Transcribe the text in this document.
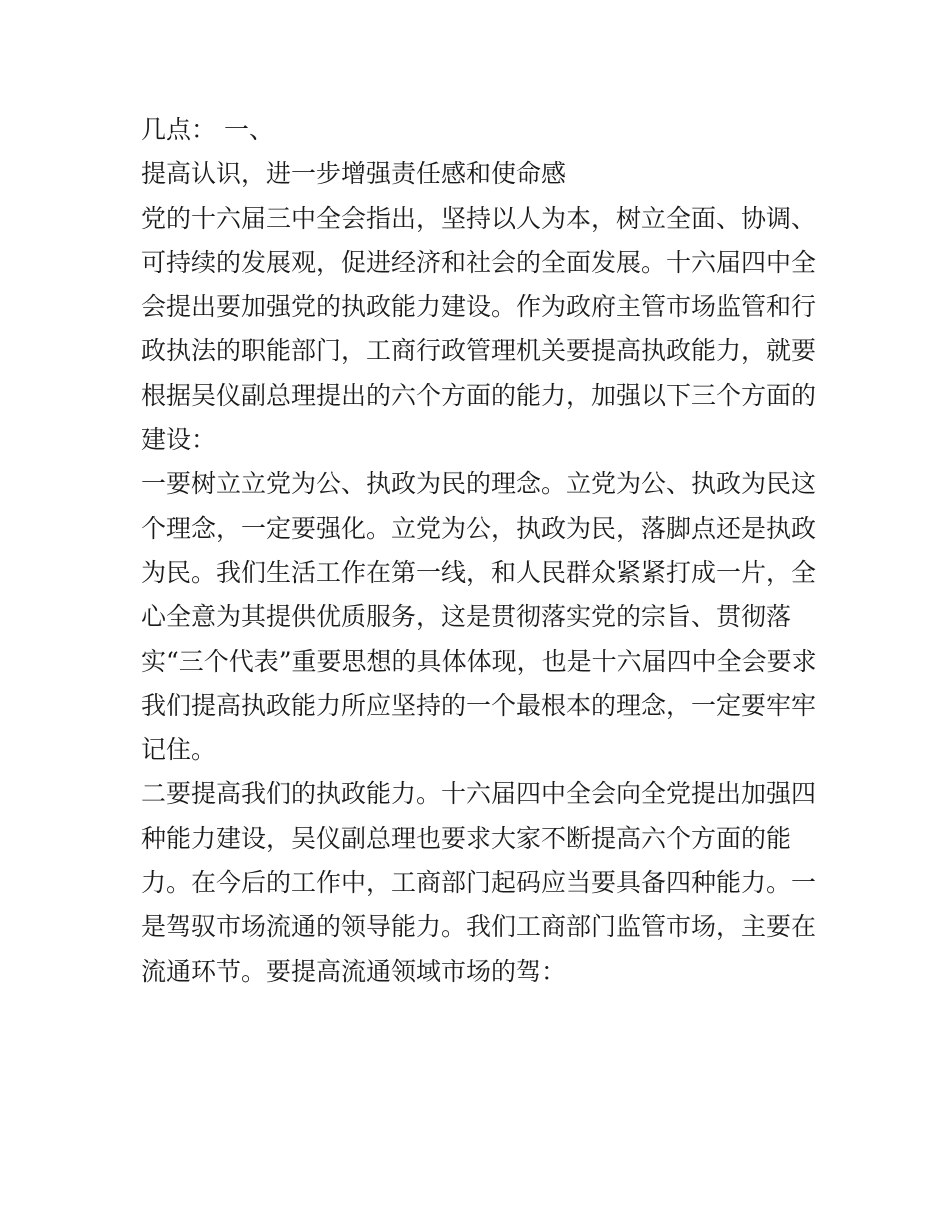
几点： 一、
提高认识，进一步增强责任感和使命感
党的十六届三中全会指出，坚持以人为本，树立全面、协调、
可持续的发展观，促进经济和社会的全面发展。十六届四中全
会提出要加强党的执政能力建设。作为政府主管市场监管和行
政执法的职能部门，工商行政管理机关要提高执政能力，就要
根据吴仪副总理提出的六个方面的能力，加强以下三个方面的
建设：
一要树立立党为公、执政为民的理念。立党为公、执政为民这
个理念，一定要强化。立党为公，执政为民，落脚点还是执政
为民。我们生活工作在第一线，和人民群众紧紧打成一片，全
心全意为其提供优质服务，这是贯彻落实党的宗旨、贯彻落
实“三个代表”重要思想的具体体现，也是十六届四中全会要求
我们提高执政能力所应坚持的一个最根本的理念，一定要牢牢
记住。
二要提高我们的执政能力。十六届四中全会向全党提出加强四
种能力建设，吴仪副总理也要求大家不断提高六个方面的能
力。在今后的工作中，工商部门起码应当要具备四种能力。一
是驾驭市场流通的领导能力。我们工商部门监管市场，主要在
流通环节。要提高流通领域市场的驾：
